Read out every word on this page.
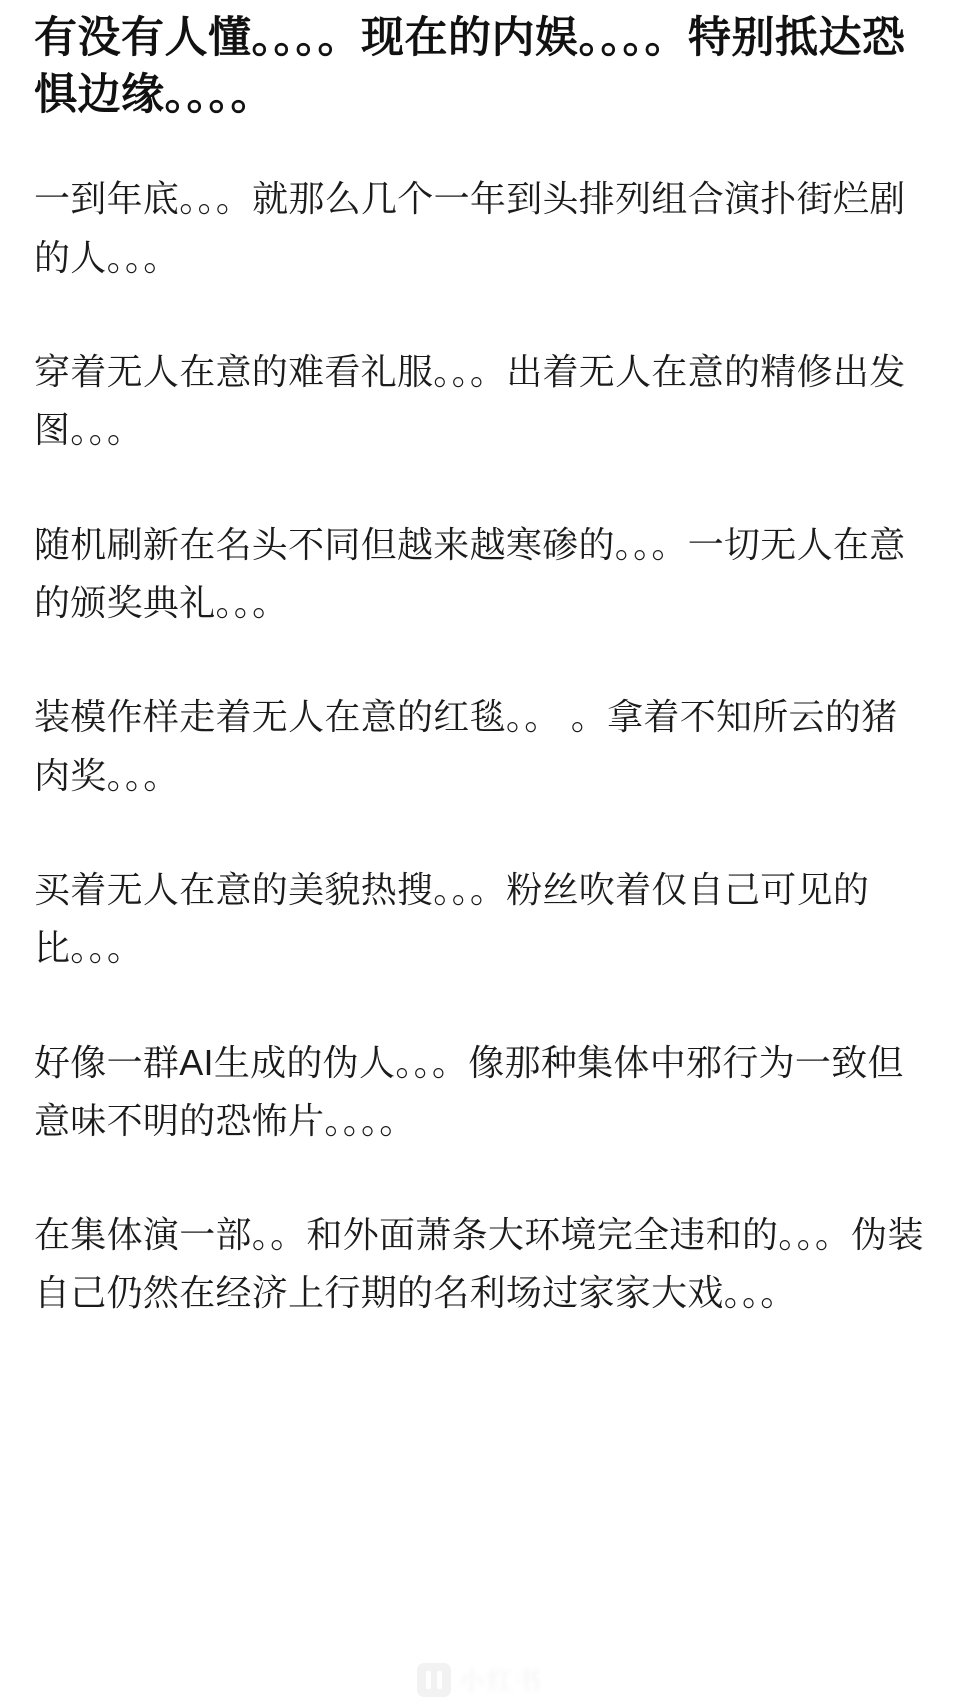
有没有人懂。。。。现在的内娱。。。。特别抵达恐惧边缘。。。。

一到年底。。。就那么几个一年到头排列组合演扑街烂剧的人。。。

穿着无人在意的难看礼服。。。出着无人在意的精修出发图。。。

随机刷新在名头不同但越来越寒碜的。。。一切无人在意的颁奖典礼。。。

装模作样走着无人在意的红毯。。 。拿着不知所云的猪肉奖。。。

买着无人在意的美貌热搜。。。粉丝吹着仅自己可见的比。。。

好像一群AI生成的伪人。。。像那种集体中邪行为一致但意味不明的恐怖片。。。。

在集体演一部。。和外面萧条大环境完全违和的。。。伪装自己仍然在经济上行期的名利场过家家大戏。。。

小红书
